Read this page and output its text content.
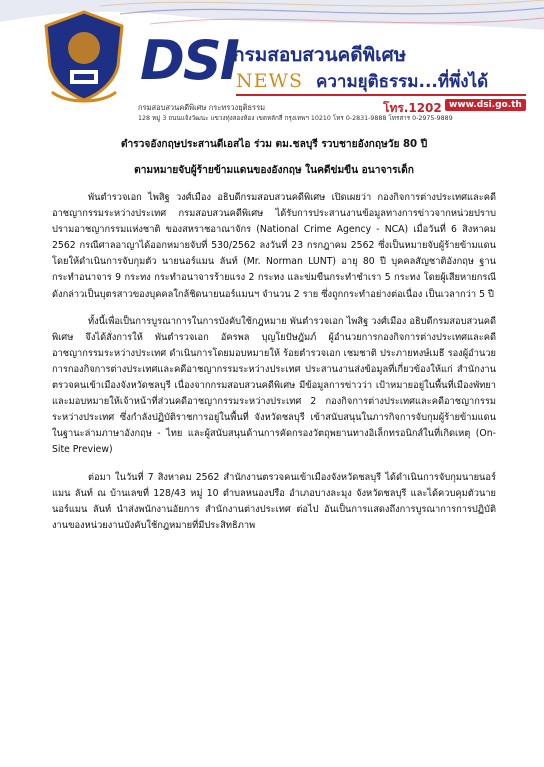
DSI
กรมสอบสวนคดีพิเศษ
NEWS ความยุติธรรม...ที่พึ่งได้
โทร.1202 www.dsi.go.th
กรมสอบสวนคดีพิเศษ กระทรวงยุติธรรม
128 หมู่ 3 ถนนแจ้งวัฒนะ แขวงทุ่งสองห้อง เขตหลักสี่ กรุงเทพฯ 10210 โทร 0-2831-9888 โทรสาร 0-2975-9889

ตำรวจอังกฤษประสานดีเอสไอ ร่วม ตม.ชลบุรี รวบชายอังกฤษวัย 80 ปี

ตามหมายจับผู้ร้ายข้ามแดนของอังกฤษ ในคดีข่มขืน อนาจารเด็ก

พันตำรวจเอก ไพสิฐ วงศ์เมือง อธิบดีกรมสอบสวนคดีพิเศษ เปิดเผยว่า กองกิจการต่างประเทศและคดีอาชญากรรมระหว่างประเทศ กรมสอบสวนคดีพิเศษ ได้รับการประสานงานข้อมูลทางการข่าวจากหน่วยปราบปรามอาชญากรรมแห่งชาติ ของสหราชอาณาจักร (National Crime Agency - NCA) เมื่อวันที่ 6 สิงหาคม 2562 กรณีศาลอาญาได้ออกหมายจับที่ 530/2562 ลงวันที่ 23 กรกฎาคม 2562 ซึ่งเป็นหมายจับผู้ร้ายข้ามแดน โดยให้ดำเนินการจับกุมตัว นายนอร์แมน ลันท์ (Mr. Norman LUNT) อายุ 80 ปี บุคคลสัญชาติอังกฤษ ฐานกระทำอนาจาร 9 กระทง กระทำอนาจารร้ายแรง 2 กระทง และข่มขืนกระทำชำเรา 5 กระทง โดยผู้เสียหายกรณีดังกล่าวเป็นบุตรสาวของบุคคลใกล้ชิดนายนอร์แมนฯ จำนวน 2 ราย ซึ่งถูกกระทำอย่างต่อเนื่อง เป็นเวลากว่า 5 ปี

ทั้งนี้เพื่อเป็นการบูรณาการในการบังคับใช้กฎหมาย พันตำรวจเอก ไพสิฐ วงศ์เมือง อธิบดีกรมสอบสวนคดีพิเศษ จึงได้สั่งการให้ พันตำรวจเอก อัครพล บุญโยปัษฎัมภ์ ผู้อำนวยการกองกิจการต่างประเทศและคดีอาชญากรรมระหว่างประเทศ ดำเนินการโดยมอบหมายให้ ร้อยตำรวจเอก เชมชาติ ประภายทงษ์เมธี รองผู้อำนวยการกองกิจการต่างประเทศและคดีอาชญากรรมระหว่างประเทศ ประสานงานส่งข้อมูลที่เกี่ยวข้องให้แก่ สำนักงานตรวจคนเข้าเมืองจังหวัดชลบุรี เนื่องจากกรมสอบสวนคดีพิเศษ มีข้อมูลการข่าวว่า เป้าหมายอยู่ในพื้นที่เมืองพัทยา และมอบหมายให้เจ้าหน้าที่ส่วนคดีอาชญากรรมระหว่างประเทศ 2 กองกิจการต่างประเทศและคดีอาชญากรรมระหว่างประเทศ ซึ่งกำลังปฏิบัติราชการอยู่ในพื้นที่ จังหวัดชลบุรี เข้าสนับสนุนในภารกิจการจับกุมผู้ร้ายข้ามแดน ในฐานะล่ามภาษาอังกฤษ - ไทย และผู้สนับสนุนด้านการคัดกรองวัตถุพยานทางอิเล็กทรอนิกส์ในที่เกิดเหตุ (On-Site Preview)

ต่อมา ในวันที่ 7 สิงหาคม 2562 สำนักงานตรวจคนเข้าเมืองจังหวัดชลบุรี ได้ดำเนินการจับกุมนายนอร์แมน ลันท์ ณ บ้านเลขที่ 128/43 หมู่ 10 ตำบลหนองปรือ อำเภอบางละมุง จังหวัดชลบุรี และได้ควบคุมตัวนายนอร์แมน ลันท์ นำส่งพนักงานอัยการ สำนักงานต่างประเทศ ต่อไป อันเป็นการแสดงถึงการบูรณาการการปฏิบัติงานของหน่วยงานบังคับใช้กฎหมายที่มีประสิทธิภาพ
